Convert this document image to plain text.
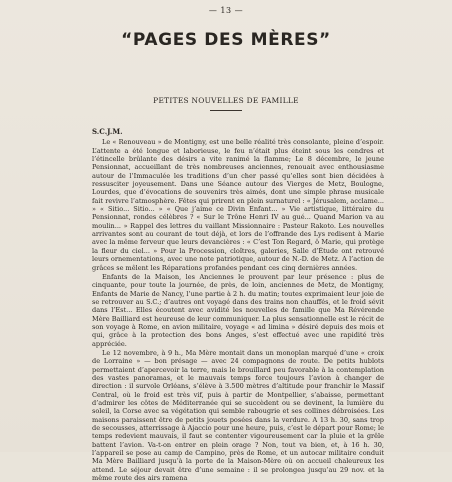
— 13 —
“PAGES DES MÈRES”
PETITES NOUVELLES DE FAMILLE
S.C.J.M.

Le « Renouveau » de Montigny, est une belle réalité très consolante, pleine d’espoir. L’attente a été longue et laborieuse, le feu n’était plus éteint sous les cendres et l’étincelle brûlante des désirs a vite ranimé la flamme; Le 8 décembre, le jeune Pensionnat, accueillant de très nombreuses anciennes, renouait avec enthousiasme autour de l’Immaculée les traditions d’un cher passé qu’elles sont bien décidées à ressusciter joyeusement. Dans une Séance autour des Vierges de Metz, Boulogne, Lourdes, que d’évocations de souvenirs très aimés, dont une simple phrase musicale fait revivre l’atmosphère. Fêtes qui prirent en plein surnaturel : « Jérusalem, acclame... » « Sitio... Sitio... » « Que j’aime ce Divin Enfant... » Vie artistique, littéraire du Pensionnat, rondes célèbres ? « Sur le Trône Henri IV au gué... Quand Marion va au moulin... » Rappel des lettres du vaillant Missionnaire : Pasteur Rakoto. Les nouvelles arrivantes sont au courant de tout déjà, et lors de l’offrande des Lys redisent à Marie avec la même ferveur que leurs devancières : « C’est Ton Regard, ô Marie, qui protège la fleur du ciel... » Pour la Procession, cloîtres, galeries, Salle d’Étude ont retrouvé leurs ornementations, avec une note patriotique, autour de N.-D. de Metz. A l’action de grâces se mêlent les Réparations profanées pendant ces cinq dernières années.

Enfants de la Maison, les Anciennes le prouvent par leur présence : plus de cinquante, pour toute la journée, de près, de loin, anciennes de Metz, de Montigny, Enfants de Marie de Nancy, l’une partie à 2 h. du matin; toutes exprimaient leur joie de se retrouver au S.C.; d’autres ont voyagé dans des trains non chauffés, et le froid sévit dans l’Est... Elles écoutent avec avidité les nouvelles de famille que Ma Révérende Mère Bailliard est heureuse de leur communiquer. La plus sensationnelle est le récit de son voyage à Rome, en avion militaire, voyage « ad limina » désiré depuis des mois et qui, grâce à la protection des bons Anges, s’est effectué avec une rapidité très appréciée.

Le 12 novembre, à 9 h., Ma Mère montait dans un monoplan marqué d’une « croix de Lorraine » — bon présage — avec 24 compagnons de route. De petits hublots permettaient d’apercevoir la terre, mais le brouillard peu favorable à la contemplation des vastes panoramas, et le mauvais temps force toujours l’avion à changer de direction : il survole Orléans, s’élève à 3.500 mètres d’altitude pour franchir le Massif Central, où le froid est très vif, puis à partir de Montpellier, s’abaisse, permettant d’admirer les côtes de Méditerranée qui se succèdent ou se devinent, la lumière du soleil, la Corse avec sa végétation qui semble rabougrie et ses collines débroisées. Les maisons paraissent être de petits jouets posées dans la verdure. A 13 h. 30, sans trop de secousses, atterrissage à Ajaccio pour une heure, puis, c’est le départ pour Rome; le temps redevient mauvais, il faut se contenter vigoureusement car la pluie et la grêle battent l’avion. Va-t-on entrer en plein orage ? Non, tout va bien, et, à 16 h. 30, l’appareil se pose au camp de Campino, près de Rome, et un autocar militaire conduit Ma Mère Bailliard jusqu’à la porte de la Maison-Mère où on accueil chaleureux les attend. Le séjour devait être d’une semaine : il se prolongea jusqu’au 29 nov. et la même route des airs ramena
